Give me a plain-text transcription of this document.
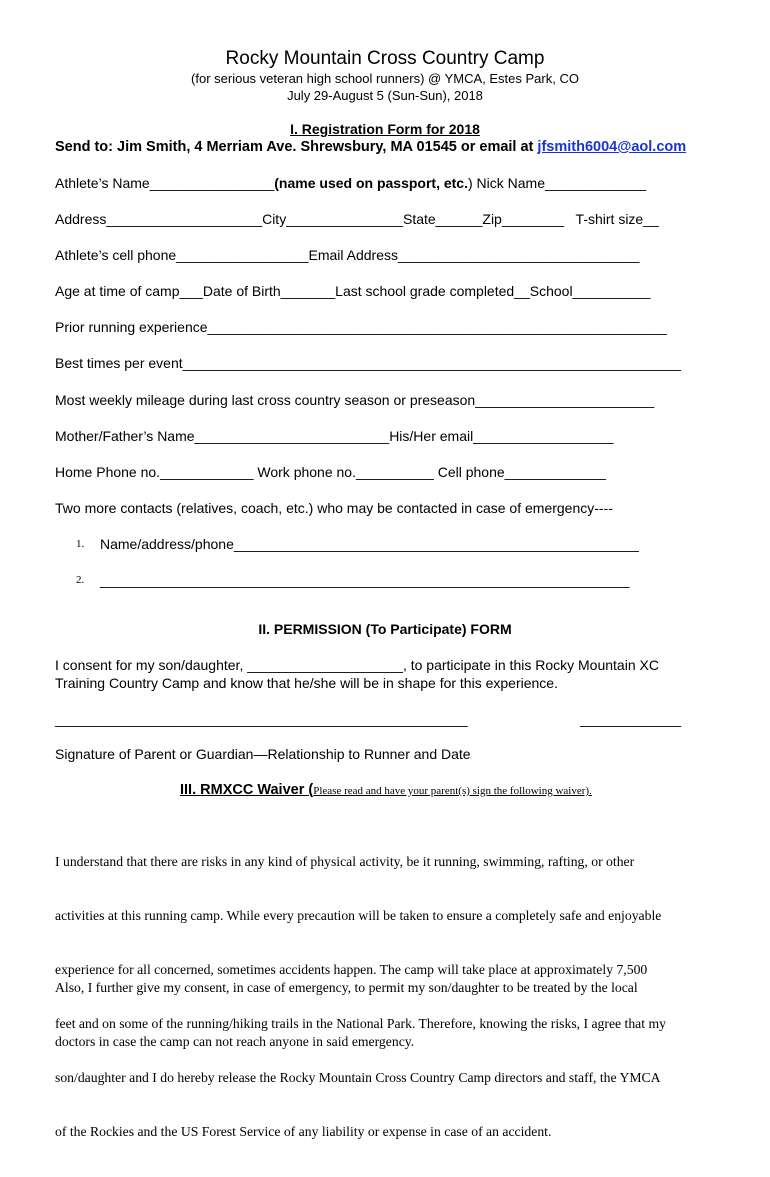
Rocky Mountain Cross Country Camp
(for serious veteran high school runners) @ YMCA, Estes Park, CO
July 29-August 5 (Sun-Sun), 2018
I. Registration Form for 2018
Send to: Jim Smith, 4 Merriam Ave. Shrewsbury, MA 01545 or email at jfsmith6004@aol.com
Athlete’s Name________________(name used on passport, etc.) Nick Name_____________
Address____________________City_______________State______Zip________   T-shirt size__
Athlete’s cell phone_________________Email Address_______________________________
Age at time of camp___Date of Birth_______Last school grade completed__School__________
Prior running experience___________________________________________________________
Best times per event________________________________________________________________
Most weekly mileage during last cross country season or preseason_______________________
Mother/Father’s Name_________________________His/Her email__________________
Home Phone no.____________ Work phone no.__________ Cell phone_____________
Two more contacts (relatives, coach, etc.) who may be contacted in case of emergency----
1. Name/address/phone____________________________________________________
2. ____________________________________________________________________
II. PERMISSION (To Participate) FORM
I consent for my son/daughter, ____________________, to participate in this Rocky Mountain XC
Training Country Camp and know that he/she will be in shape for this experience.
_____________________________________________________	_____________
Signature of Parent or Guardian—Relationship to Runner and Date
III. RMXCC Waiver (Please read and have your parent(s) sign the following waiver).

I understand that there are risks in any kind of physical activity, be it running, swimming, rafting, or other

activities at this running camp. While every precaution will be taken to ensure a completely safe and enjoyable

experience for all concerned, sometimes accidents happen. The camp will take place at approximately 7,500

feet and on some of the running/hiking trails in the National Park. Therefore, knowing the risks, I agree that my

son/daughter and I do hereby release the Rocky Mountain Cross Country Camp directors and staff, the YMCA

of the Rockies and the US Forest Service of any liability or expense in case of an accident.

Also, I further give my consent, in case of emergency, to permit my son/daughter to be treated by the local

doctors in case the camp can not reach anyone in said emergency.
